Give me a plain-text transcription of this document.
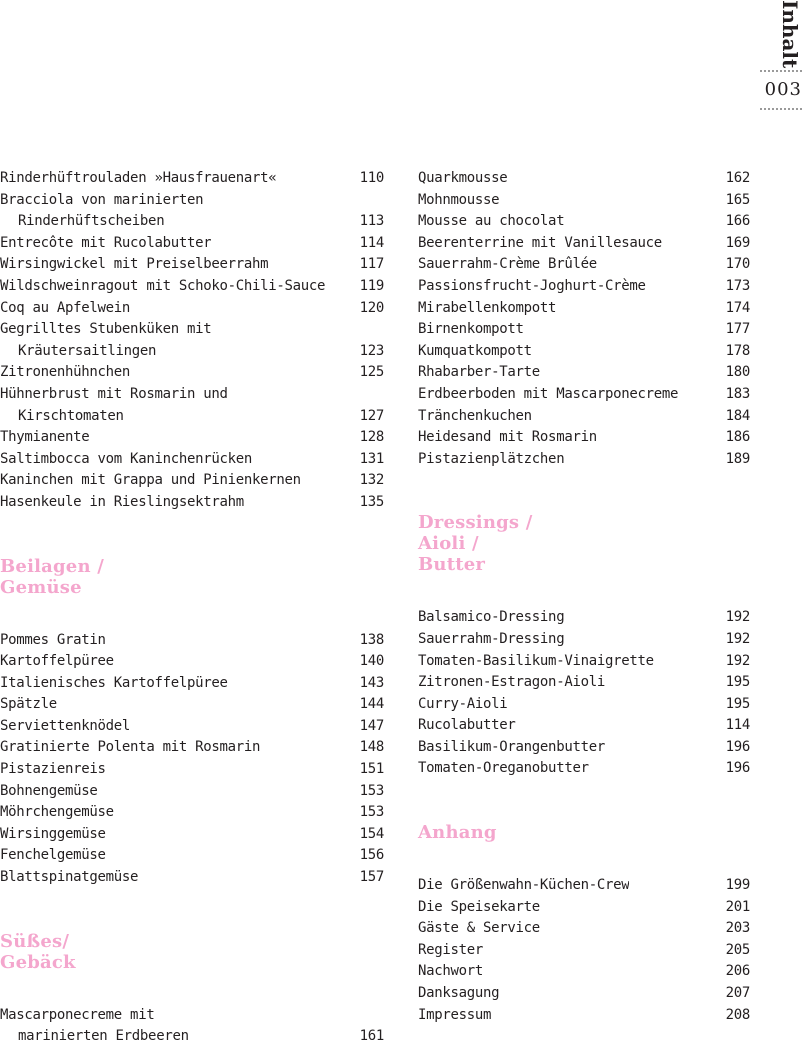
Inhalt
003
Rinderhüftrouladen »Hausfrauenart«	110
Bracciola von marinierten
Rinderhüftscheiben	113
Entrecôte mit Rucolabutter	114
Wirsingwickel mit Preiselbeerrahm	117
Wildschweinragout mit Schoko-Chili-Sauce 119
Coq au Apfelwein	120
Gegrilltes Stubenküken mit
Kräutersaitlingen	123
Zitronenhühnchen	125
Hühnerbrust mit Rosmarin und
Kirschtomaten	127
Thymianente	128
Saltimbocca vom Kaninchenrücken	131
Kaninchen mit Grappa und Pinienkernen	132
Hasenkeule in Rieslingsektrahm	135
Beilagen /
Gemüse
Pommes Gratin	138
Kartoffelpüree	140
Italienisches Kartoffelpüree	143
Spätzle	144
Serviettenknödel	147
Gratinierte Polenta mit Rosmarin	148
Pistazienreis	151
Bohnengemüse	153
Möhrchengemüse	153
Wirsinggemüse	154
Fenchelgemüse	156
Blattspinatgemüse	157
Süßes/
Gebäck
Mascarponecreme mit
marinierten Erdbeeren	161
Quarkmousse	162
Mohnmousse	165
Mousse au chocolat	166
Beerenterrine mit Vanillesauce	169
Sauerrahm-Crème Brûlée	170
Passionsfrucht-Joghurt-Crème	173
Mirabellenkompott	174
Birnenkompott	177
Kumquatkompott	178
Rhabarber-Tarte	180
Erdbeerboden mit Mascarponecreme	183
Tränchenkuchen	184
Heidesand mit Rosmarin	186
Pistazienplätzchen	189
Dressings /
Aioli /
Butter
Balsamico-Dressing	192
Sauerrahm-Dressing	192
Tomaten-Basilikum-Vinaigrette	192
Zitronen-Estragon-Aioli	195
Curry-Aioli	195
Rucolabutter	114
Basilikum-Orangenbutter	196
Tomaten-Oreganobutter	196
Anhang
Die Größenwahn-Küchen-Crew	199
Die Speisekarte	201
Gäste & Service	203
Register	205
Nachwort	206
Danksagung	207
Impressum	208
